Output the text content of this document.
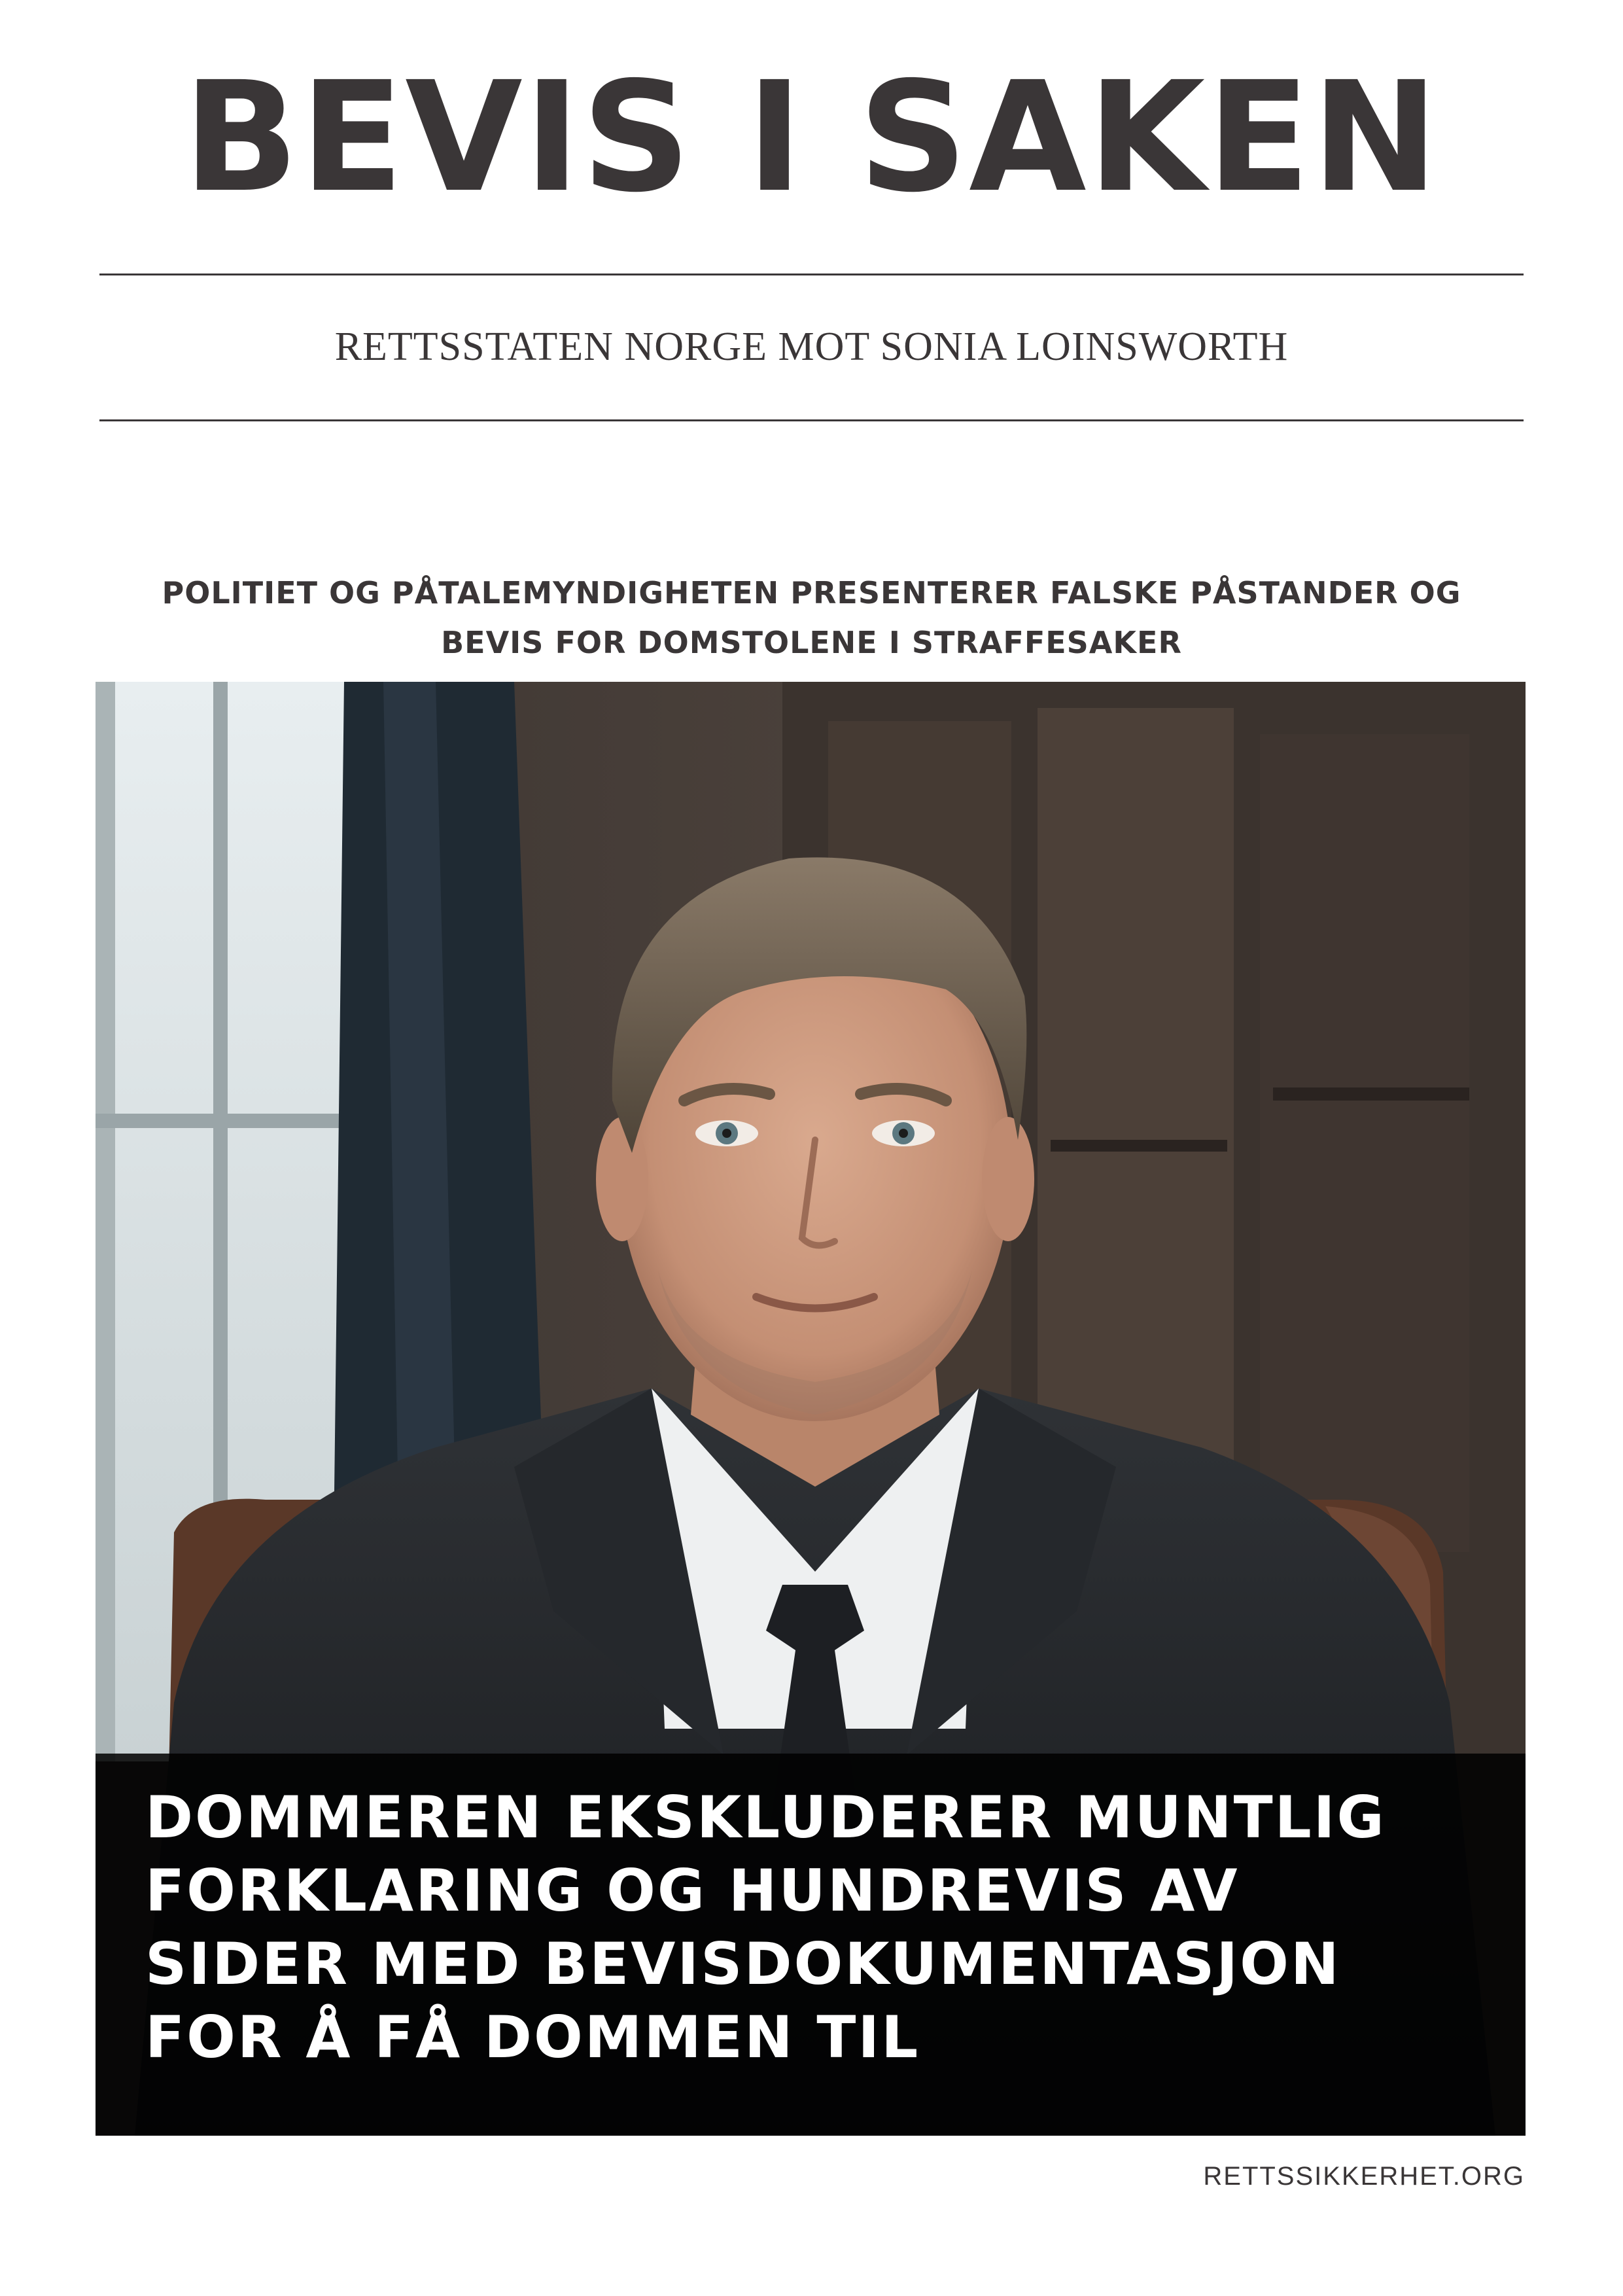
BEVIS I SAKEN
RETTSSTATEN NORGE MOT SONIA LOINSWORTH
POLITIET OG PÅTALEMYNDIGHETEN PRESENTERER FALSKE PÅSTANDER OG
BEVIS FOR DOMSTOLENE I STRAFFESAKER
DOMMEREN EKSKLUDERER MUNTLIG
FORKLARING OG HUNDREVIS AV
SIDER MED BEVISDOKUMENTASJON
FOR Å FÅ DOMMEN TIL
RETTSSIKKERHET.ORG
